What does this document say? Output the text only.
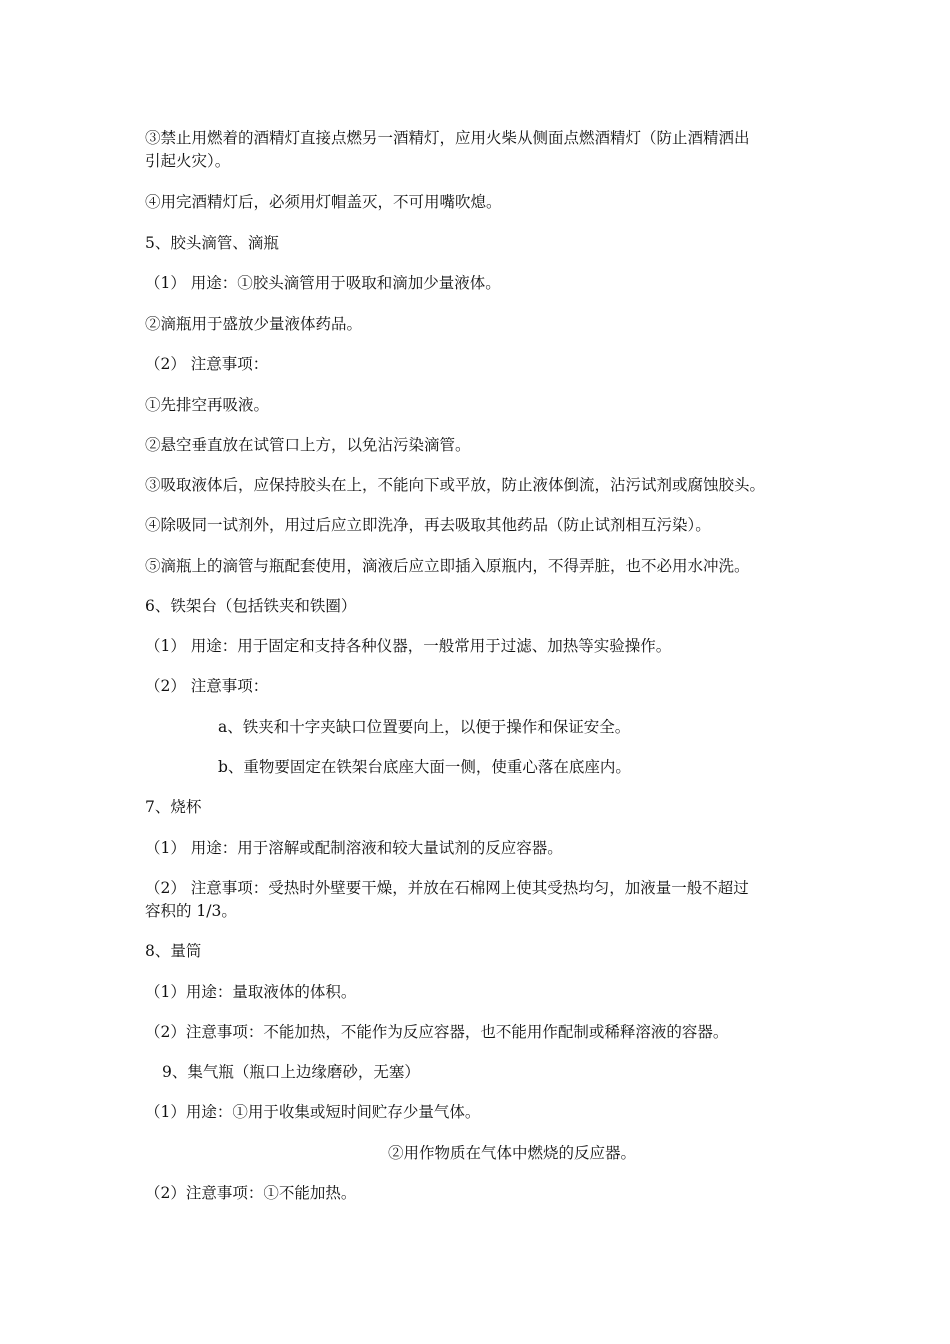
③禁止用燃着的酒精灯直接点燃另一酒精灯，应用火柴从侧面点燃酒精灯（防止酒精洒出
引起火灾）。
④用完酒精灯后，必须用灯帽盖灭，不可用嘴吹熄。
5、胶头滴管、滴瓶
（1） 用途：①胶头滴管用于吸取和滴加少量液体。
②滴瓶用于盛放少量液体药品。
（2） 注意事项：
①先排空再吸液。
②悬空垂直放在试管口上方，以免沾污染滴管。
③吸取液体后，应保持胶头在上，不能向下或平放，防止液体倒流，沾污试剂或腐蚀胶头。
④除吸同一试剂外，用过后应立即洗净，再去吸取其他药品（防止试剂相互污染）。
⑤滴瓶上的滴管与瓶配套使用，滴液后应立即插入原瓶内，不得弄脏，也不必用水冲洗。
6、铁架台（包括铁夹和铁圈）
（1） 用途：用于固定和支持各种仪器，一般常用于过滤、加热等实验操作。
（2） 注意事项：
a、铁夹和十字夹缺口位置要向上，以便于操作和保证安全。
b、重物要固定在铁架台底座大面一侧，使重心落在底座内。
7、烧杯
（1） 用途：用于溶解或配制溶液和较大量试剂的反应容器。
（2） 注意事项：受热时外壁要干燥，并放在石棉网上使其受热均匀，加液量一般不超过
容积的 1/3。
8、量筒
（1）用途：量取液体的体积。
（2）注意事项：不能加热，不能作为反应容器，也不能用作配制或稀释溶液的容器。
9、集气瓶（瓶口上边缘磨砂，无塞）
（1）用途：①用于收集或短时间贮存少量气体。
②用作物质在气体中燃烧的反应器。
（2）注意事项：①不能加热。
